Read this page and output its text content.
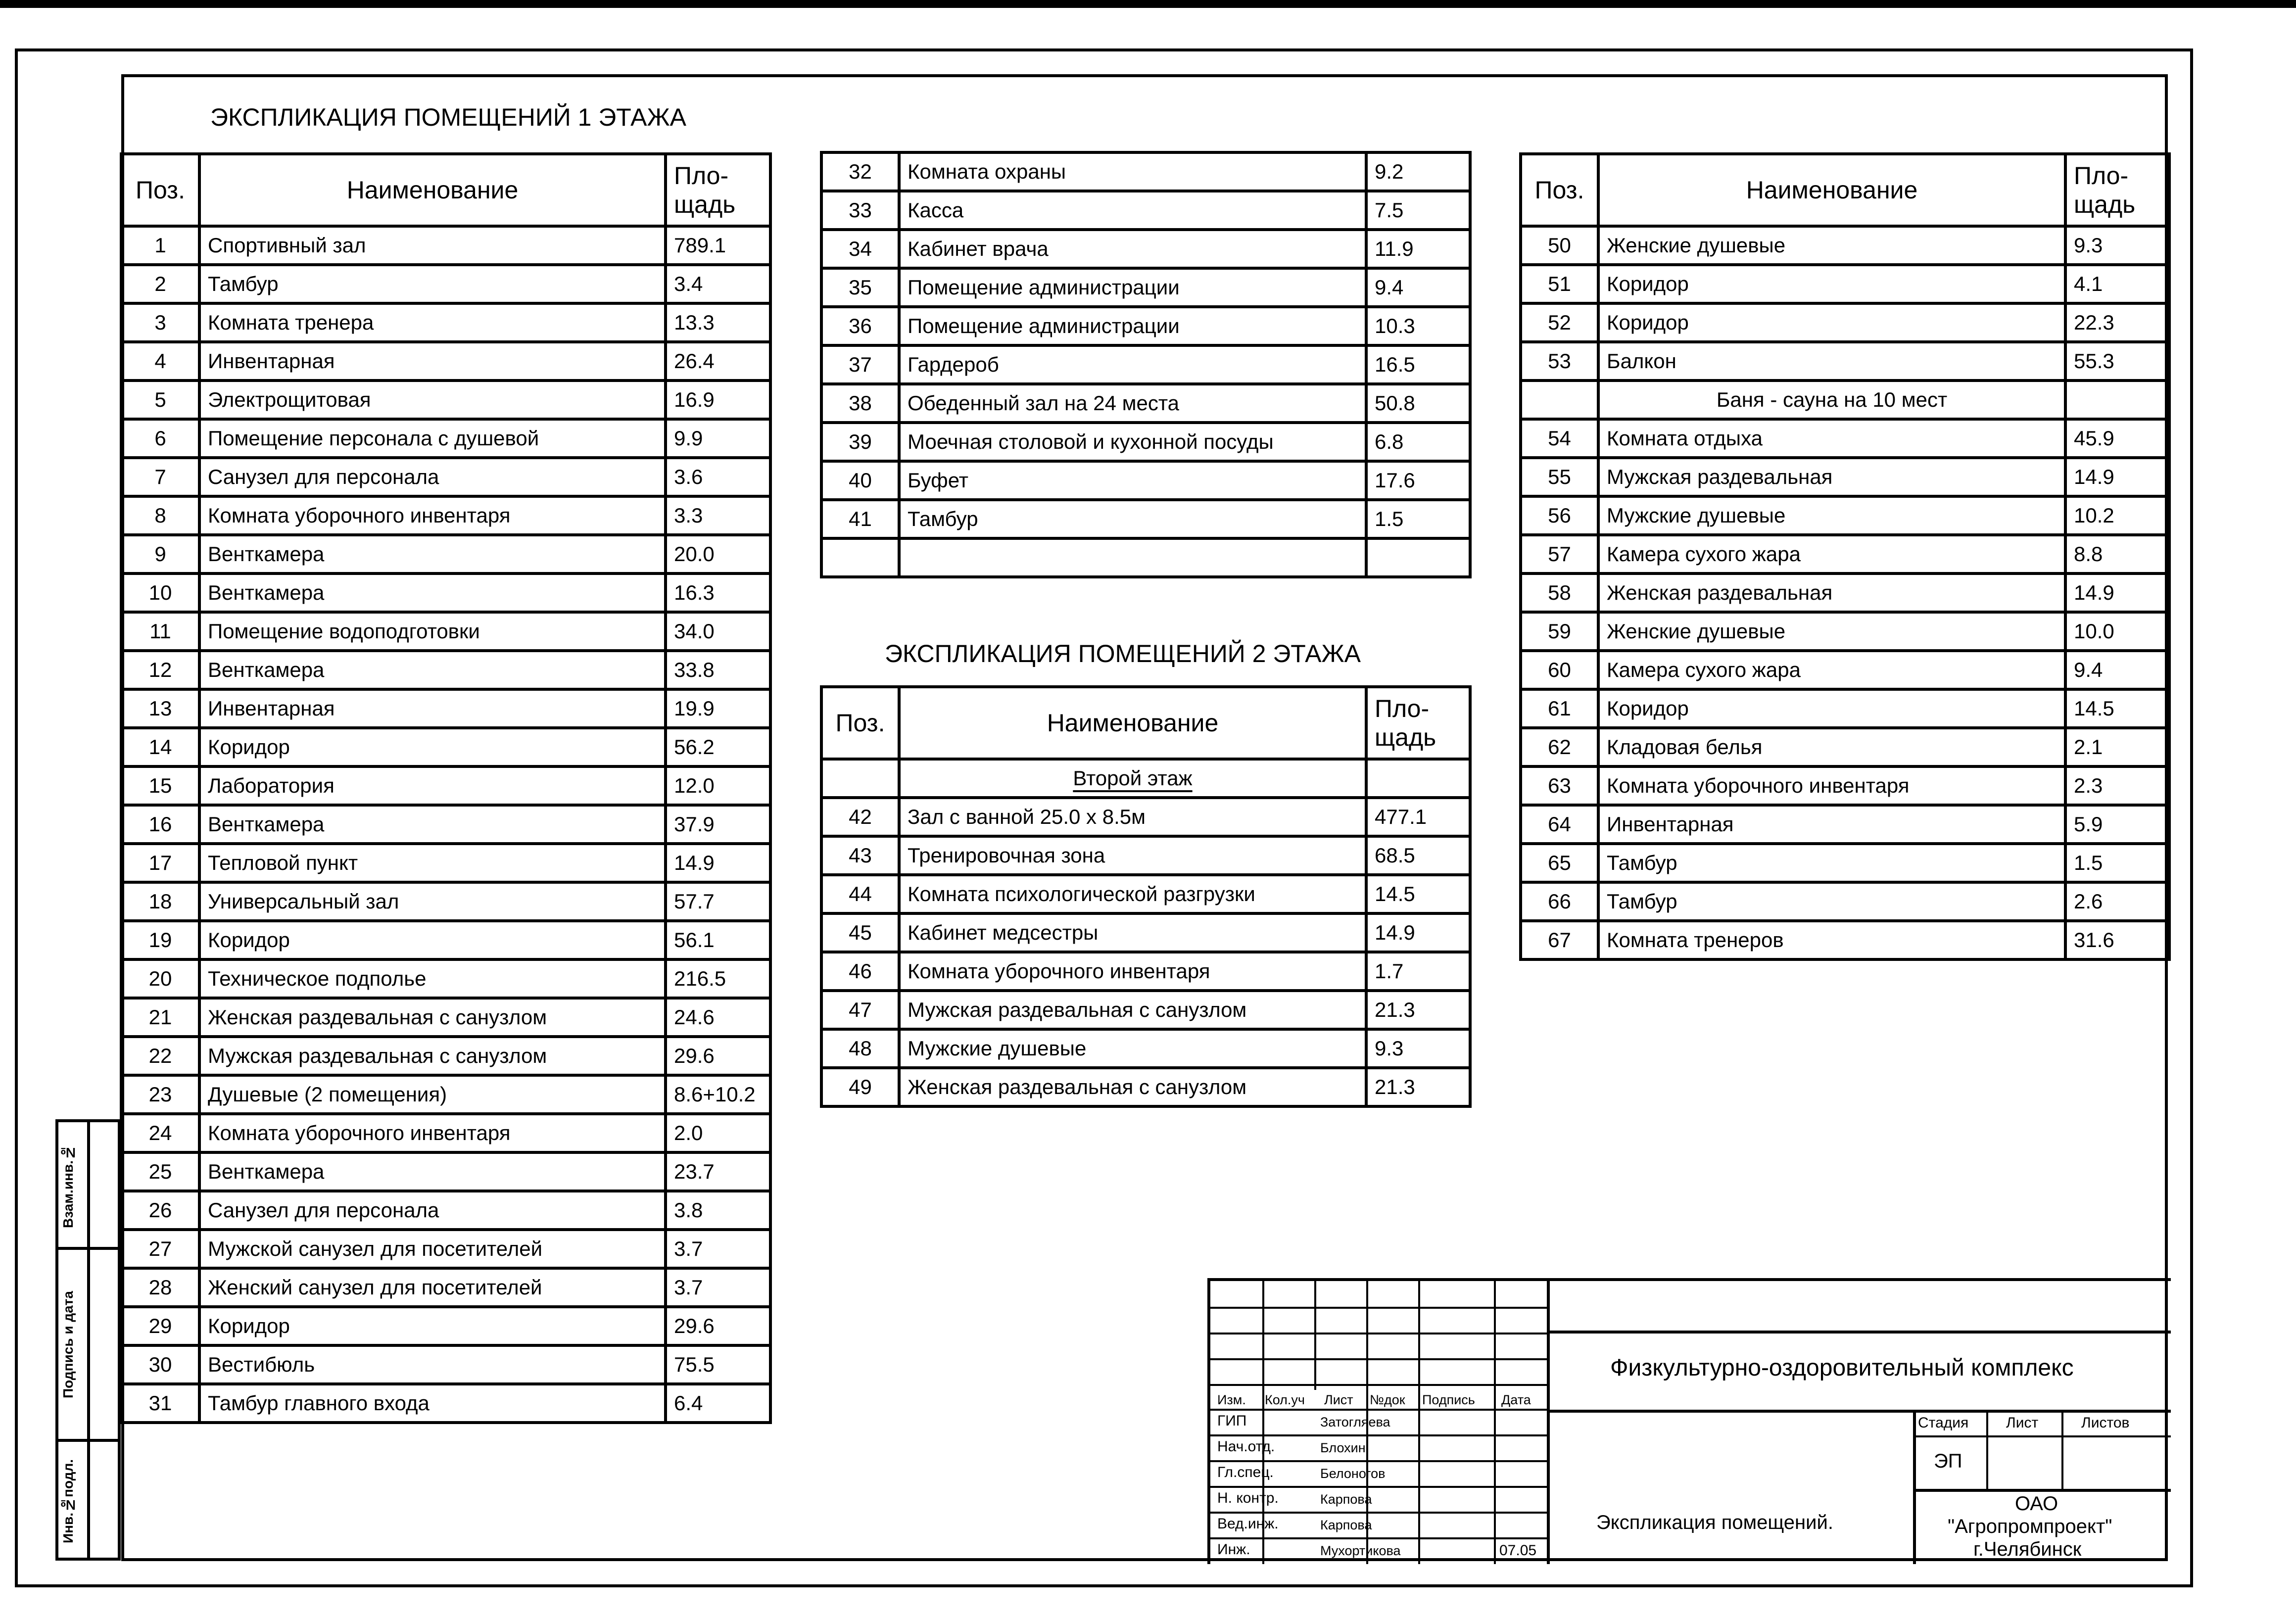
Взам.инв.№
Подпись и дата
Инв.№подл.
ЭКСПЛИКАЦИЯ ПОМЕЩЕНИЙ 1 ЭТАЖА
Поз.	Наименование	Пло-
щадь
1	Спортивный зал	789.1
2	Тамбур	3.4
3	Комната тренера	13.3
4	Инвентарная	26.4
5	Электрощитовая	16.9
6	Помещение персонала с душевой	9.9
7	Санузел для персонала	3.6
8	Комната уборочного инвентаря	3.3
9	Венткамера	20.0
10	Венткамера	16.3
11	Помещение водоподготовки	34.0
12	Венткамера	33.8
13	Инвентарная	19.9
14	Коридор	56.2
15	Лаборатория	12.0
16	Венткамера	37.9
17	Тепловой пункт	14.9
18	Универсальный зал	57.7
19	Коридор	56.1
20	Техническое подполье	216.5
21	Женская раздевальная с санузлом	24.6
22	Мужская раздевальная с санузлом	29.6
23	Душевые (2 помещения)	8.6+10.2
24	Комната уборочного инвентаря	2.0
25	Венткамера	23.7
26	Санузел для персонала	3.8
27	Мужской санузел для посетителей	3.7
28	Женский санузел для посетителей	3.7
29	Коридор	29.6
30	Вестибюль	75.5
31	Тамбур главного входа	6.4
32	Комната охраны	9.2
33	Касса	7.5
34	Кабинет врача	11.9
35	Помещение администрации	9.4
36	Помещение администрации	10.3
37	Гардероб	16.5
38	Обеденный зал на 24 места	50.8
39	Моечная столовой и кухонной посуды	6.8
40	Буфет	17.6
41	Тамбур	1.5

ЭКСПЛИКАЦИЯ ПОМЕЩЕНИЙ 2 ЭТАЖА
Поз.	Наименование	Пло-
щадь
	Второй этаж	
42	Зал с ванной 25.0 х 8.5м	477.1
43	Тренировочная зона	68.5
44	Комната психологической разгрузки	14.5
45	Кабинет медсестры	14.9
46	Комната уборочного инвентаря	1.7
47	Мужская раздевальная с санузлом	21.3
48	Мужские душевые	9.3
49	Женская раздевальная с санузлом	21.3
Поз.	Наименование	Пло-
щадь
50	Женские душевые	9.3
51	Коридор	4.1
52	Коридор	22.3
53	Балкон	55.3
	Баня - сауна на 10 мест	
54	Комната отдыха	45.9
55	Мужская раздевальная	14.9
56	Мужские душевые	10.2
57	Камера сухого жара	8.8
58	Женская раздевальная	14.9
59	Женские душевые	10.0
60	Камера сухого жара	9.4
61	Коридор	14.5
62	Кладовая белья	2.1
63	Комната уборочного инвентаря	2.3
64	Инвентарная	5.9
65	Тамбур	1.5
66	Тамбур	2.6
67	Комната тренеров	31.6
Изм. Кол.уч Лист №док Подпись Дата
ГИП	Затогляева
Нач.отд.	Блохин
Гл.спец.	Белоногов
Н. контр.	Карпова
Вед.инж.	Карпова
Инж.	Мухортикова	07.05
Физкультурно-оздоровительный комплекс
Экспликация помещений.
Стадия	Лист	Листов
ЭП
ОАО
"Агропромпроект"
г.Челябинск
